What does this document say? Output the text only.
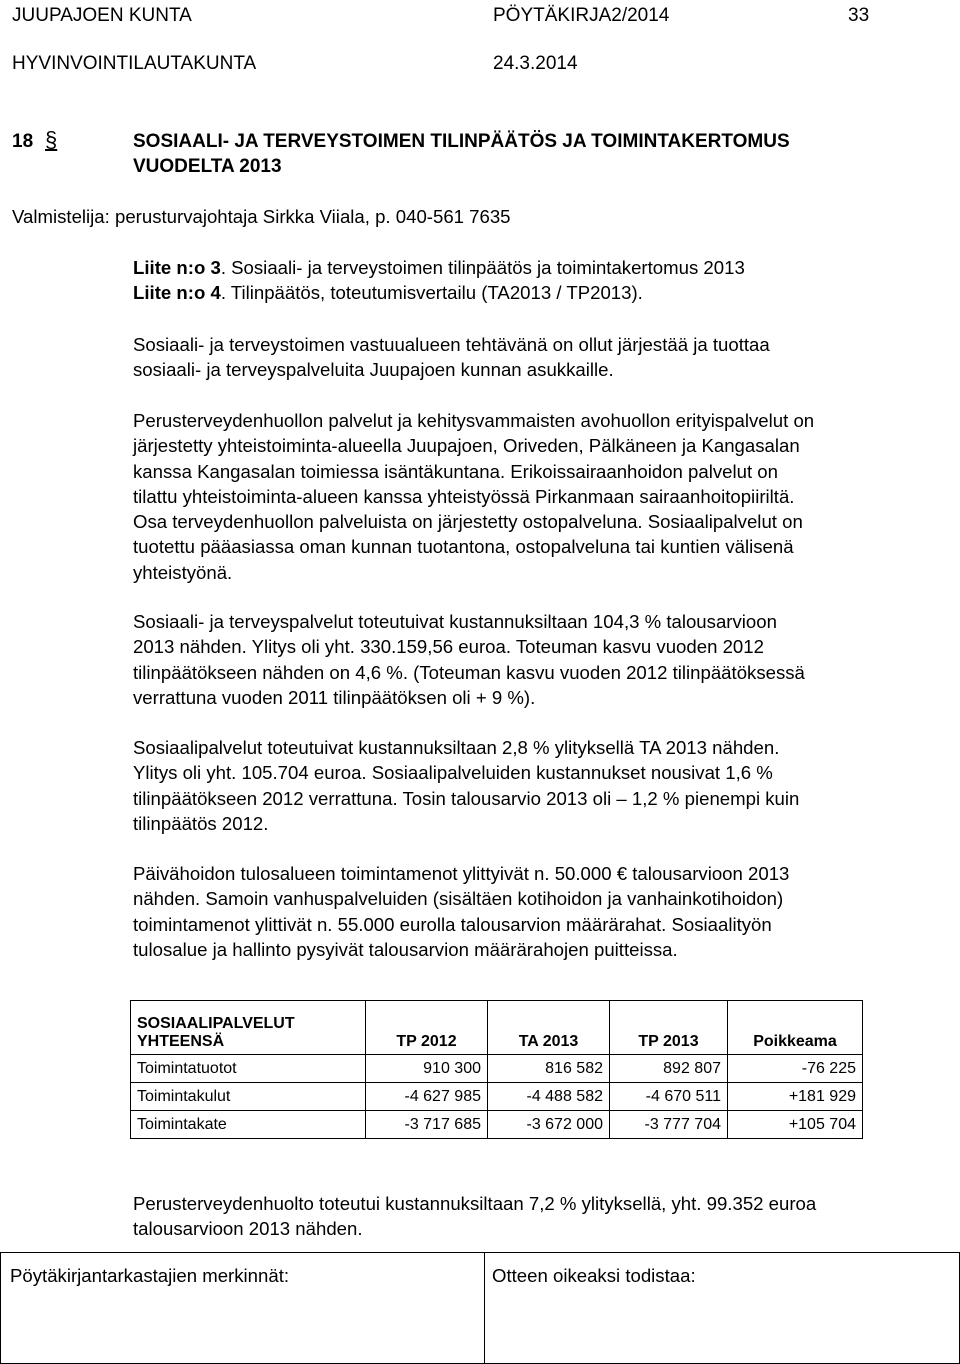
JUUPAJOEN KUNTA	PÖYTÄKIRJA2/2014	33
HYVINVOINTILAUTAKUNTA	24.3.2014
18 §	SOSIAALI- JA TERVEYSTOIMEN TILINPÄÄTÖS JA TOIMINTAKERTOMUS
VUODELTA 2013
Valmistelija: perusturvajohtaja Sirkka Viiala, p. 040-561 7635
Liite n:o 3. Sosiaali- ja terveystoimen tilinpäätös ja toimintakertomus 2013
Liite n:o 4. Tilinpäätös, toteutumisvertailu (TA2013 / TP2013).
Sosiaali- ja terveystoimen vastuualueen tehtävänä on ollut järjestää ja tuottaa
sosiaali- ja terveyspalveluita Juupajoen kunnan asukkaille.
Perusterveydenhuollon palvelut ja kehitysvammaisten avohuollon erityispalvelut on
järjestetty yhteistoiminta-alueella Juupajoen, Oriveden, Pälkäneen ja Kangasalan
kanssa Kangasalan toimiessa isäntäkuntana. Erikoissairaanhoidon palvelut on
tilattu yhteistoiminta-alueen kanssa yhteistyössä Pirkanmaan sairaanhoitopiiriltä.
Osa terveydenhuollon palveluista on järjestetty ostopalveluna. Sosiaalipalvelut on
tuotettu pääasiassa oman kunnan tuotantona, ostopalveluna tai kuntien välisenä
yhteistyönä.
Sosiaali- ja terveyspalvelut toteutuivat kustannuksiltaan 104,3 % talousarvioon
2013 nähden. Ylitys oli yht. 330.159,56 euroa. Toteuman kasvu vuoden 2012
tilinpäätökseen nähden on 4,6 %. (Toteuman kasvu vuoden 2012 tilinpäätöksessä
verrattuna vuoden 2011 tilinpäätöksen oli + 9 %).
Sosiaalipalvelut toteutuivat kustannuksiltaan 2,8 % ylityksellä TA 2013 nähden.
Ylitys oli yht. 105.704 euroa. Sosiaalipalveluiden kustannukset nousivat 1,6 %
tilinpäätökseen 2012 verrattuna. Tosin talousarvio 2013 oli – 1,2 % pienempi kuin
tilinpäätös 2012.
Päivähoidon tulosalueen toimintamenot ylittyivät n. 50.000 € talousarvioon 2013
nähden. Samoin vanhuspalveluiden (sisältäen kotihoidon ja vanhainkotihoidon)
toimintamenot ylittivät n. 55.000 eurolla talousarvion määrärahat. Sosiaalityön
tulosalue ja hallinto pysyivät talousarvion määrärahojen puitteissa.
SOSIAALIPALVELUT
YHTEENSÄ	TP 2012	TA 2013	TP 2013	Poikkeama
Toimintatuotot	910 300	816 582	892 807	-76 225
Toimintakulut	-4 627 985	-4 488 582	-4 670 511	+181 929
Toimintakate	-3 717 685	-3 672 000	-3 777 704	+105 704
Perusterveydenhuolto toteutui kustannuksiltaan 7,2 % ylityksellä, yht. 99.352 euroa
talousarvioon 2013 nähden.
Pöytäkirjantarkastajien merkinnät:	Otteen oikeaksi todistaa:
